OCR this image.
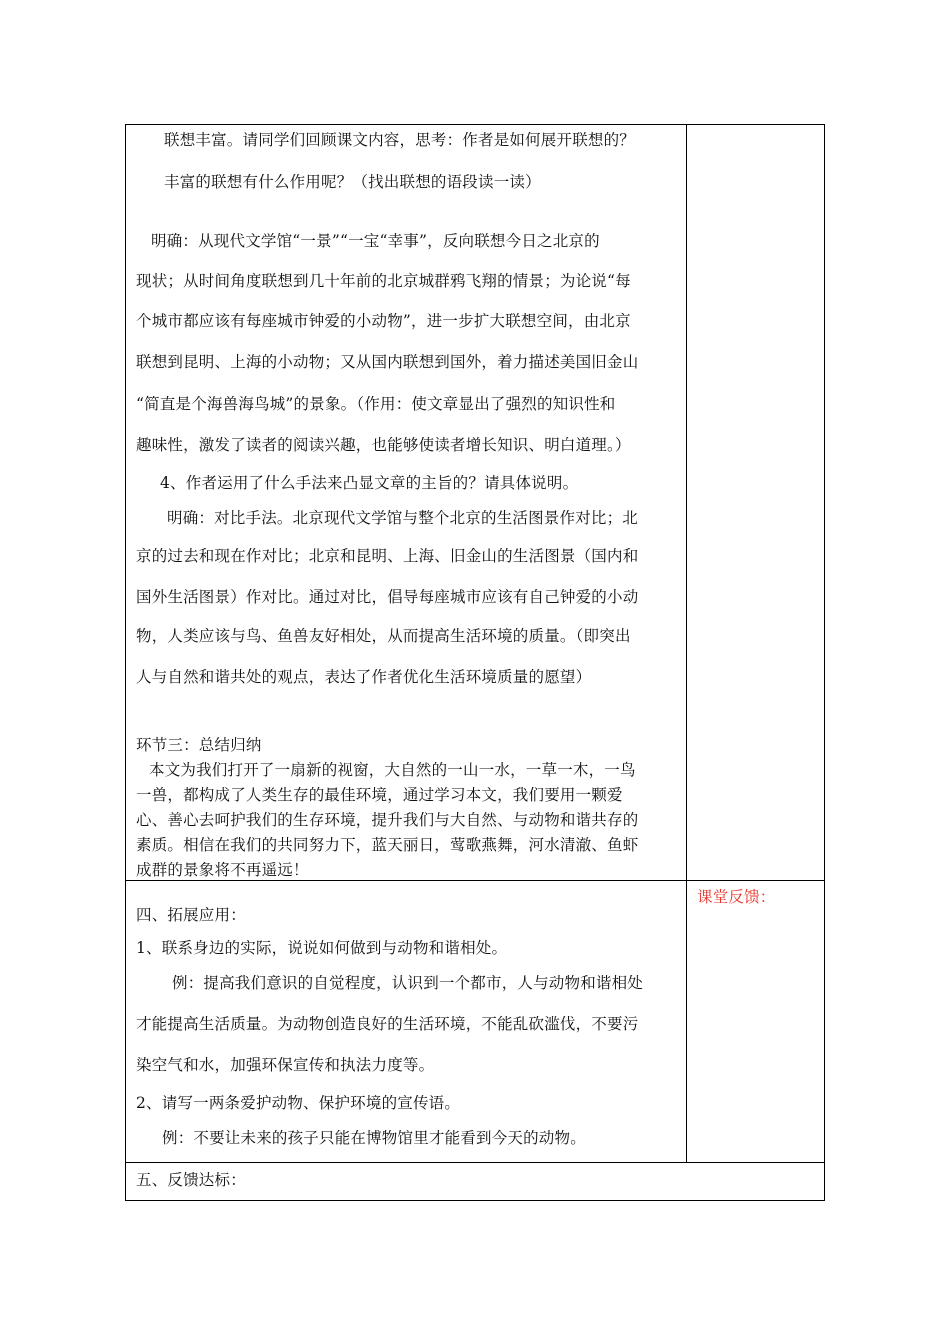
联想丰富。请同学们回顾课文内容，思考：作者是如何展开联想的？
丰富的联想有什么作用呢？（找出联想的语段读一读）
明确：从现代文学馆“一景”“一宝“幸事”，反向联想今日之北京的
现状；从时间角度联想到几十年前的北京城群鸦飞翔的情景；为论说“每
个城市都应该有每座城市钟爱的小动物”，进一步扩大联想空间，由北京
联想到昆明、上海的小动物；又从国内联想到国外，着力描述美国旧金山
“简直是个海兽海鸟城”的景象。（作用：使文章显出了强烈的知识性和
趣味性，激发了读者的阅读兴趣，也能够使读者增长知识、明白道理。）
4、作者运用了什么手法来凸显文章的主旨的？请具体说明。
明确：对比手法。北京现代文学馆与整个北京的生活图景作对比；北
京的过去和现在作对比；北京和昆明、上海、旧金山的生活图景（国内和
国外生活图景）作对比。通过对比，倡导每座城市应该有自己钟爱的小动
物，人类应该与鸟、鱼兽友好相处，从而提高生活环境的质量。（即突出
人与自然和谐共处的观点，表达了作者优化生活环境质量的愿望）
环节三：总结归纳
本文为我们打开了一扇新的视窗，大自然的一山一水，一草一木，一鸟
一兽，都构成了人类生存的最佳环境，通过学习本文，我们要用一颗爱
心、善心去呵护我们的生存环境，提升我们与大自然、与动物和谐共存的
素质。相信在我们的共同努力下，蓝天丽日，莺歌燕舞，河水清澈、鱼虾
成群的景象将不再遥远！
四、拓展应用：
1、联系身边的实际，说说如何做到与动物和谐相处。
例：提高我们意识的自觉程度，认识到一个都市，人与动物和谐相处
才能提高生活质量。为动物创造良好的生活环境，不能乱砍滥伐，不要污
染空气和水，加强环保宣传和执法力度等。
2、请写一两条爱护动物、保护环境的宣传语。
例：不要让未来的孩子只能在博物馆里才能看到今天的动物。
课堂反馈：
五、反馈达标：
